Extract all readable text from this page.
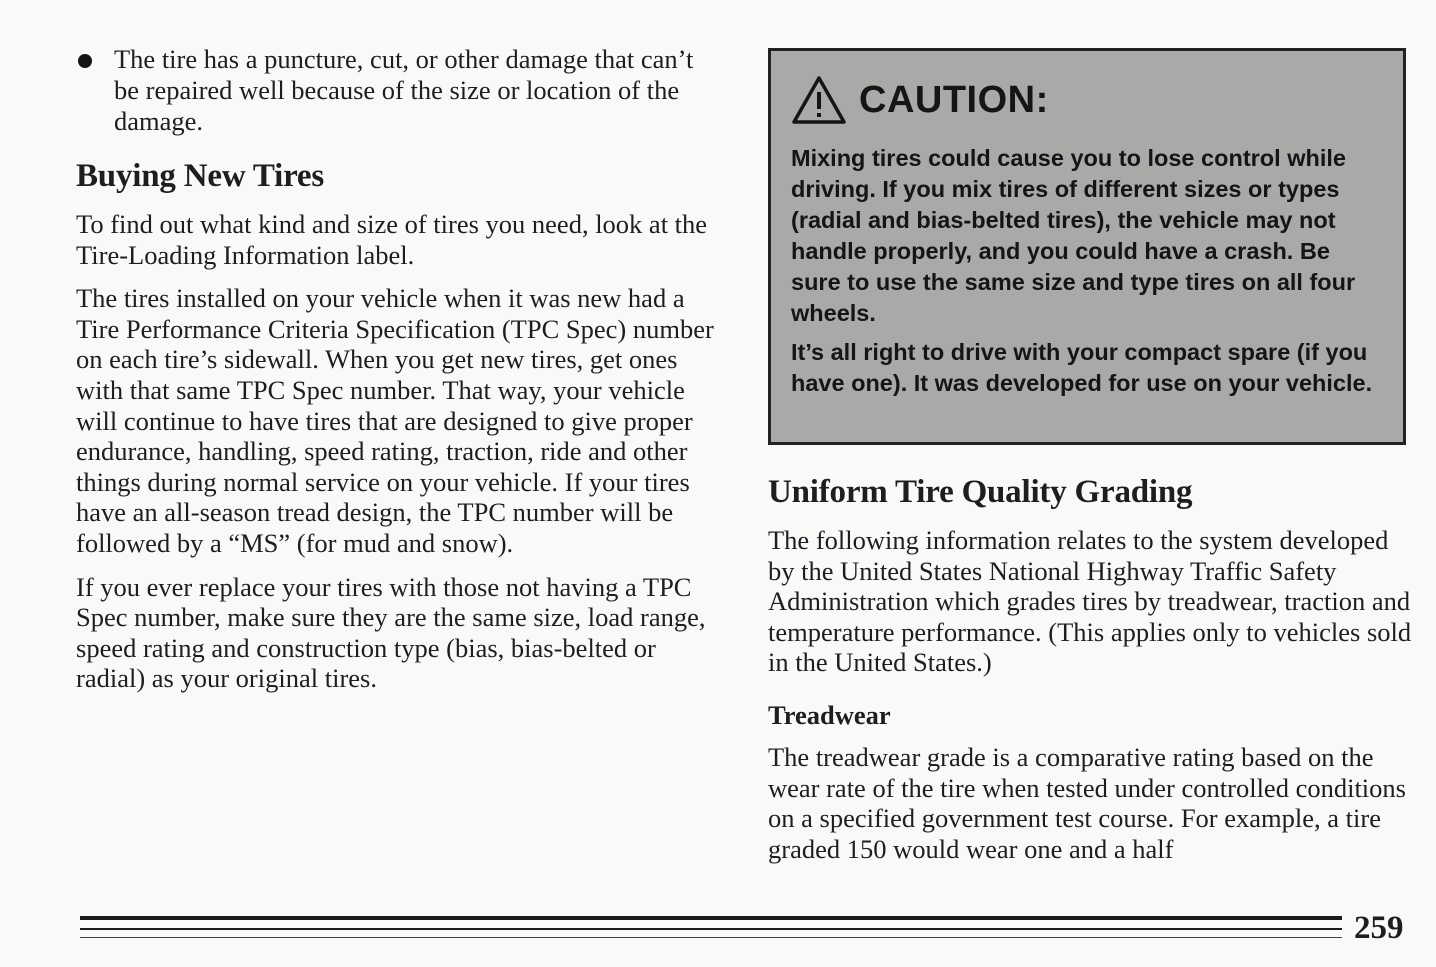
The tire has a puncture, cut, or other damage that can’t be repaired well because of the size or location of the damage.
Buying New Tires

To find out what kind and size of tires you need, look at the Tire-Loading Information label.

The tires installed on your vehicle when it was new had a Tire Performance Criteria Specification (TPC Spec) number on each tire’s sidewall. When you get new tires, get ones with that same TPC Spec number. That way, your vehicle will continue to have tires that are designed to give proper endurance, handling, speed rating, traction, ride and other things during normal service on your vehicle. If your tires have an all-season tread design, the TPC number will be followed by a “MS” (for mud and snow).

If you ever replace your tires with those not having a TPC Spec number, make sure they are the same size, load range, speed rating and construction type (bias, bias-belted or radial) as your original tires.

CAUTION:

Mixing tires could cause you to lose control while driving. If you mix tires of different sizes or types (radial and bias-belted tires), the vehicle may not handle properly, and you could have a crash. Be sure to use the same size and type tires on all four wheels.

It’s all right to drive with your compact spare (if you have one). It was developed for use on your vehicle.

Uniform Tire Quality Grading

The following information relates to the system developed by the United States National Highway Traffic Safety Administration which grades tires by treadwear, traction and temperature performance. (This applies only to vehicles sold in the United States.)

Treadwear

The treadwear grade is a comparative rating based on the wear rate of the tire when tested under controlled conditions on a specified government test course. For example, a tire graded 150 would wear one and a half

259
